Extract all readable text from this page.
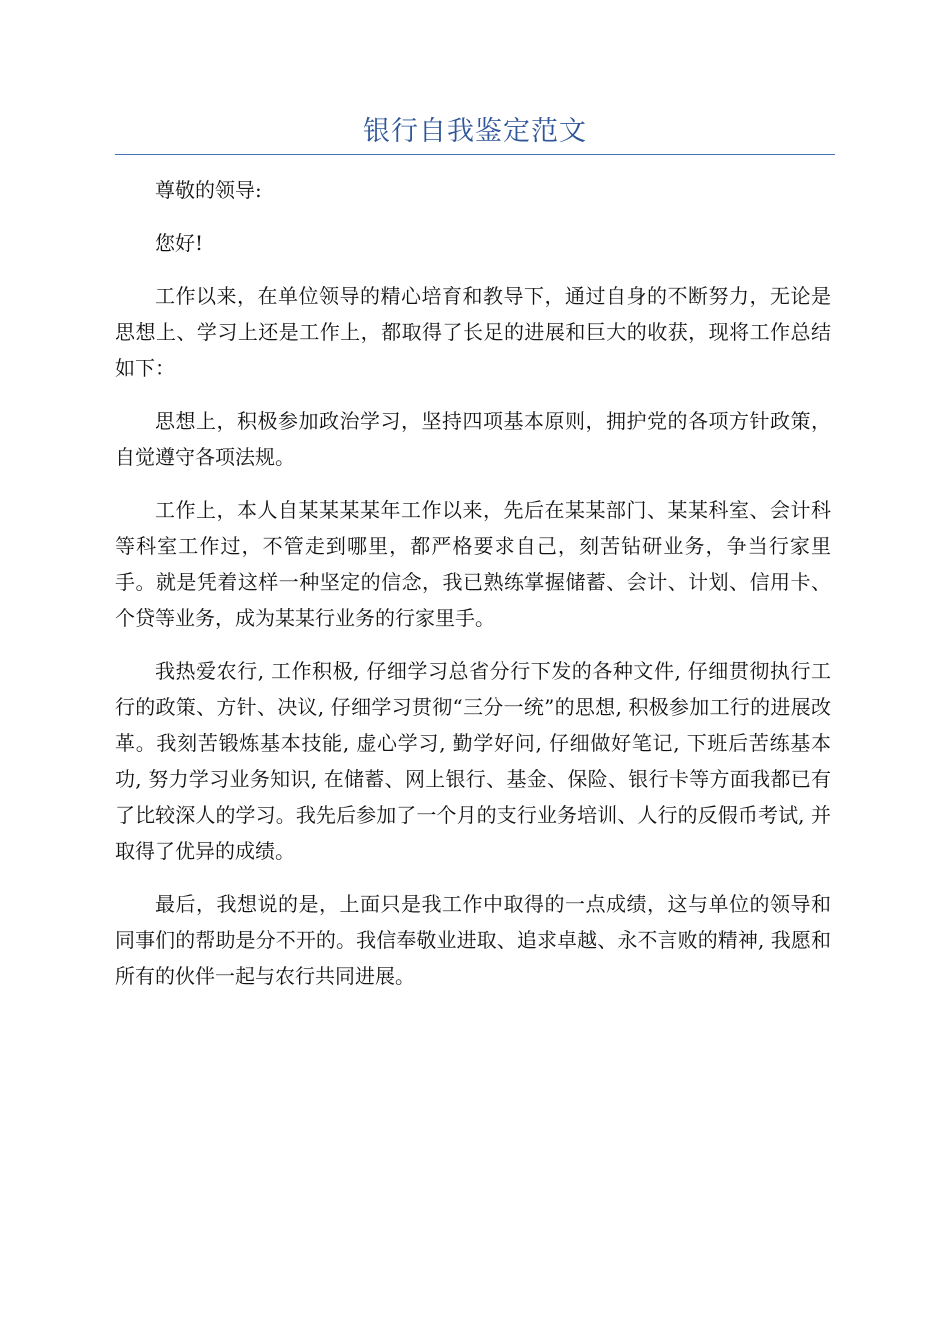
银行自我鉴定范文

尊敬的领导:

您好!

工作以来，在单位领导的精心培育和教导下，通过自身的不断努力，无论是思想上、学习上还是工作上，都取得了长足的进展和巨大的收获，现将工作总结如下：

思想上，积极参加政治学习，坚持四项基本原则，拥护党的各项方针政策，自觉遵守各项法规。

工作上，本人自某某某某年工作以来，先后在某某部门、某某科室、会计科等科室工作过，不管走到哪里，都严格要求自己，刻苦钻研业务，争当行家里手。就是凭着这样一种坚定的信念，我已熟练掌握储蓄、会计、计划、信用卡、个贷等业务，成为某某行业务的行家里手。

我热爱农行, 工作积极, 仔细学习总省分行下发的各种文件, 仔细贯彻执行工行的政策、方针、决议, 仔细学习贯彻“三分一统”的思想, 积极参加工行的进展改革。我刻苦锻炼基本技能, 虚心学习, 勤学好问, 仔细做好笔记, 下班后苦练基本功, 努力学习业务知识, 在储蓄、网上银行、基金、保险、银行卡等方面我都已有了比较深人的学习。我先后参加了一个月的支行业务培训、人行的反假币考试, 并取得了优异的成绩。

最后，我想说的是，上面只是我工作中取得的一点成绩，这与单位的领导和同事们的帮助是分不开的。我信奉敬业进取、追求卓越、永不言败的精神, 我愿和所有的伙伴一起与农行共同进展。
